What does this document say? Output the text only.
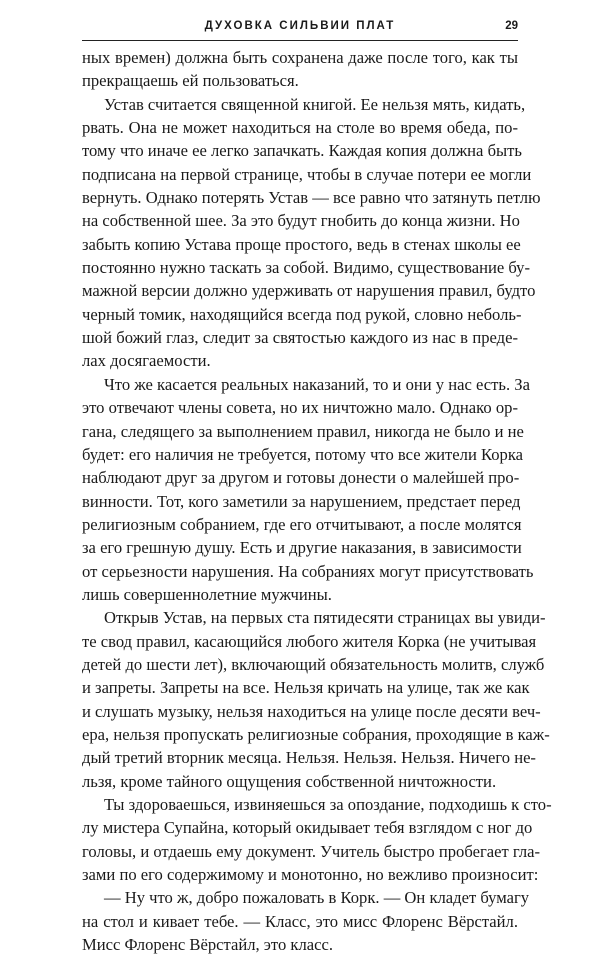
ДУХОВКА СИЛЬВИИ ПЛАТ	29
ных времен) должна быть сохранена даже после того, как ты
прекращаешь ей пользоваться.
Устав считается священной книгой. Ее нельзя мять, кидать,
рвать. Она не может находиться на столе во время обеда, по-
тому что иначе ее легко запачкать. Каждая копия должна быть
подписана на первой странице, чтобы в случае потери ее могли
вернуть. Однако потерять Устав — все равно что затянуть петлю
на собственной шее. За это будут гнобить до конца жизни. Но
забыть копию Устава проще простого, ведь в стенах школы ее
постоянно нужно таскать за собой. Видимо, существование бу-
мажной версии должно удерживать от нарушения правил, будто
черный томик, находящийся всегда под рукой, словно неболь-
шой божий глаз, следит за святостью каждого из нас в преде-
лах досягаемости.
Что же касается реальных наказаний, то и они у нас есть. За
это отвечают члены совета, но их ничтожно мало. Однако ор-
гана, следящего за выполнением правил, никогда не было и не
будет: его наличия не требуется, потому что все жители Корка
наблюдают друг за другом и готовы донести о малейшей про-
винности. Тот, кого заметили за нарушением, предстает перед
религиозным собранием, где его отчитывают, а после молятся
за его грешную душу. Есть и другие наказания, в зависимости
от серьезности нарушения. На собраниях могут присутствовать
лишь совершеннолетние мужчины.
Открыв Устав, на первых ста пятидесяти страницах вы увиди-
те свод правил, касающийся любого жителя Корка (не учитывая
детей до шести лет), включающий обязательность молитв, служб
и запреты. Запреты на все. Нельзя кричать на улице, так же как
и слушать музыку, нельзя находиться на улице после десяти веч-
ера, нельзя пропускать религиозные собрания, проходящие в каж-
дый третий вторник месяца. Нельзя. Нельзя. Нельзя. Ничего не-
льзя, кроме тайного ощущения собственной ничтожности.
Ты здороваешься, извиняешься за опоздание, подходишь к сто-
лу мистера Супайна, который окидывает тебя взглядом с ног до
головы, и отдаешь ему документ. Учитель быстро пробегает гла-
зами по его содержимому и монотонно, но вежливо произносит:
— Ну что ж, добро пожаловать в Корк. — Он кладет бумагу
на стол и кивает тебе. — Класс, это мисс Флоренс Вёрстайл.
Мисс Флоренс Вёрстайл, это класс.
